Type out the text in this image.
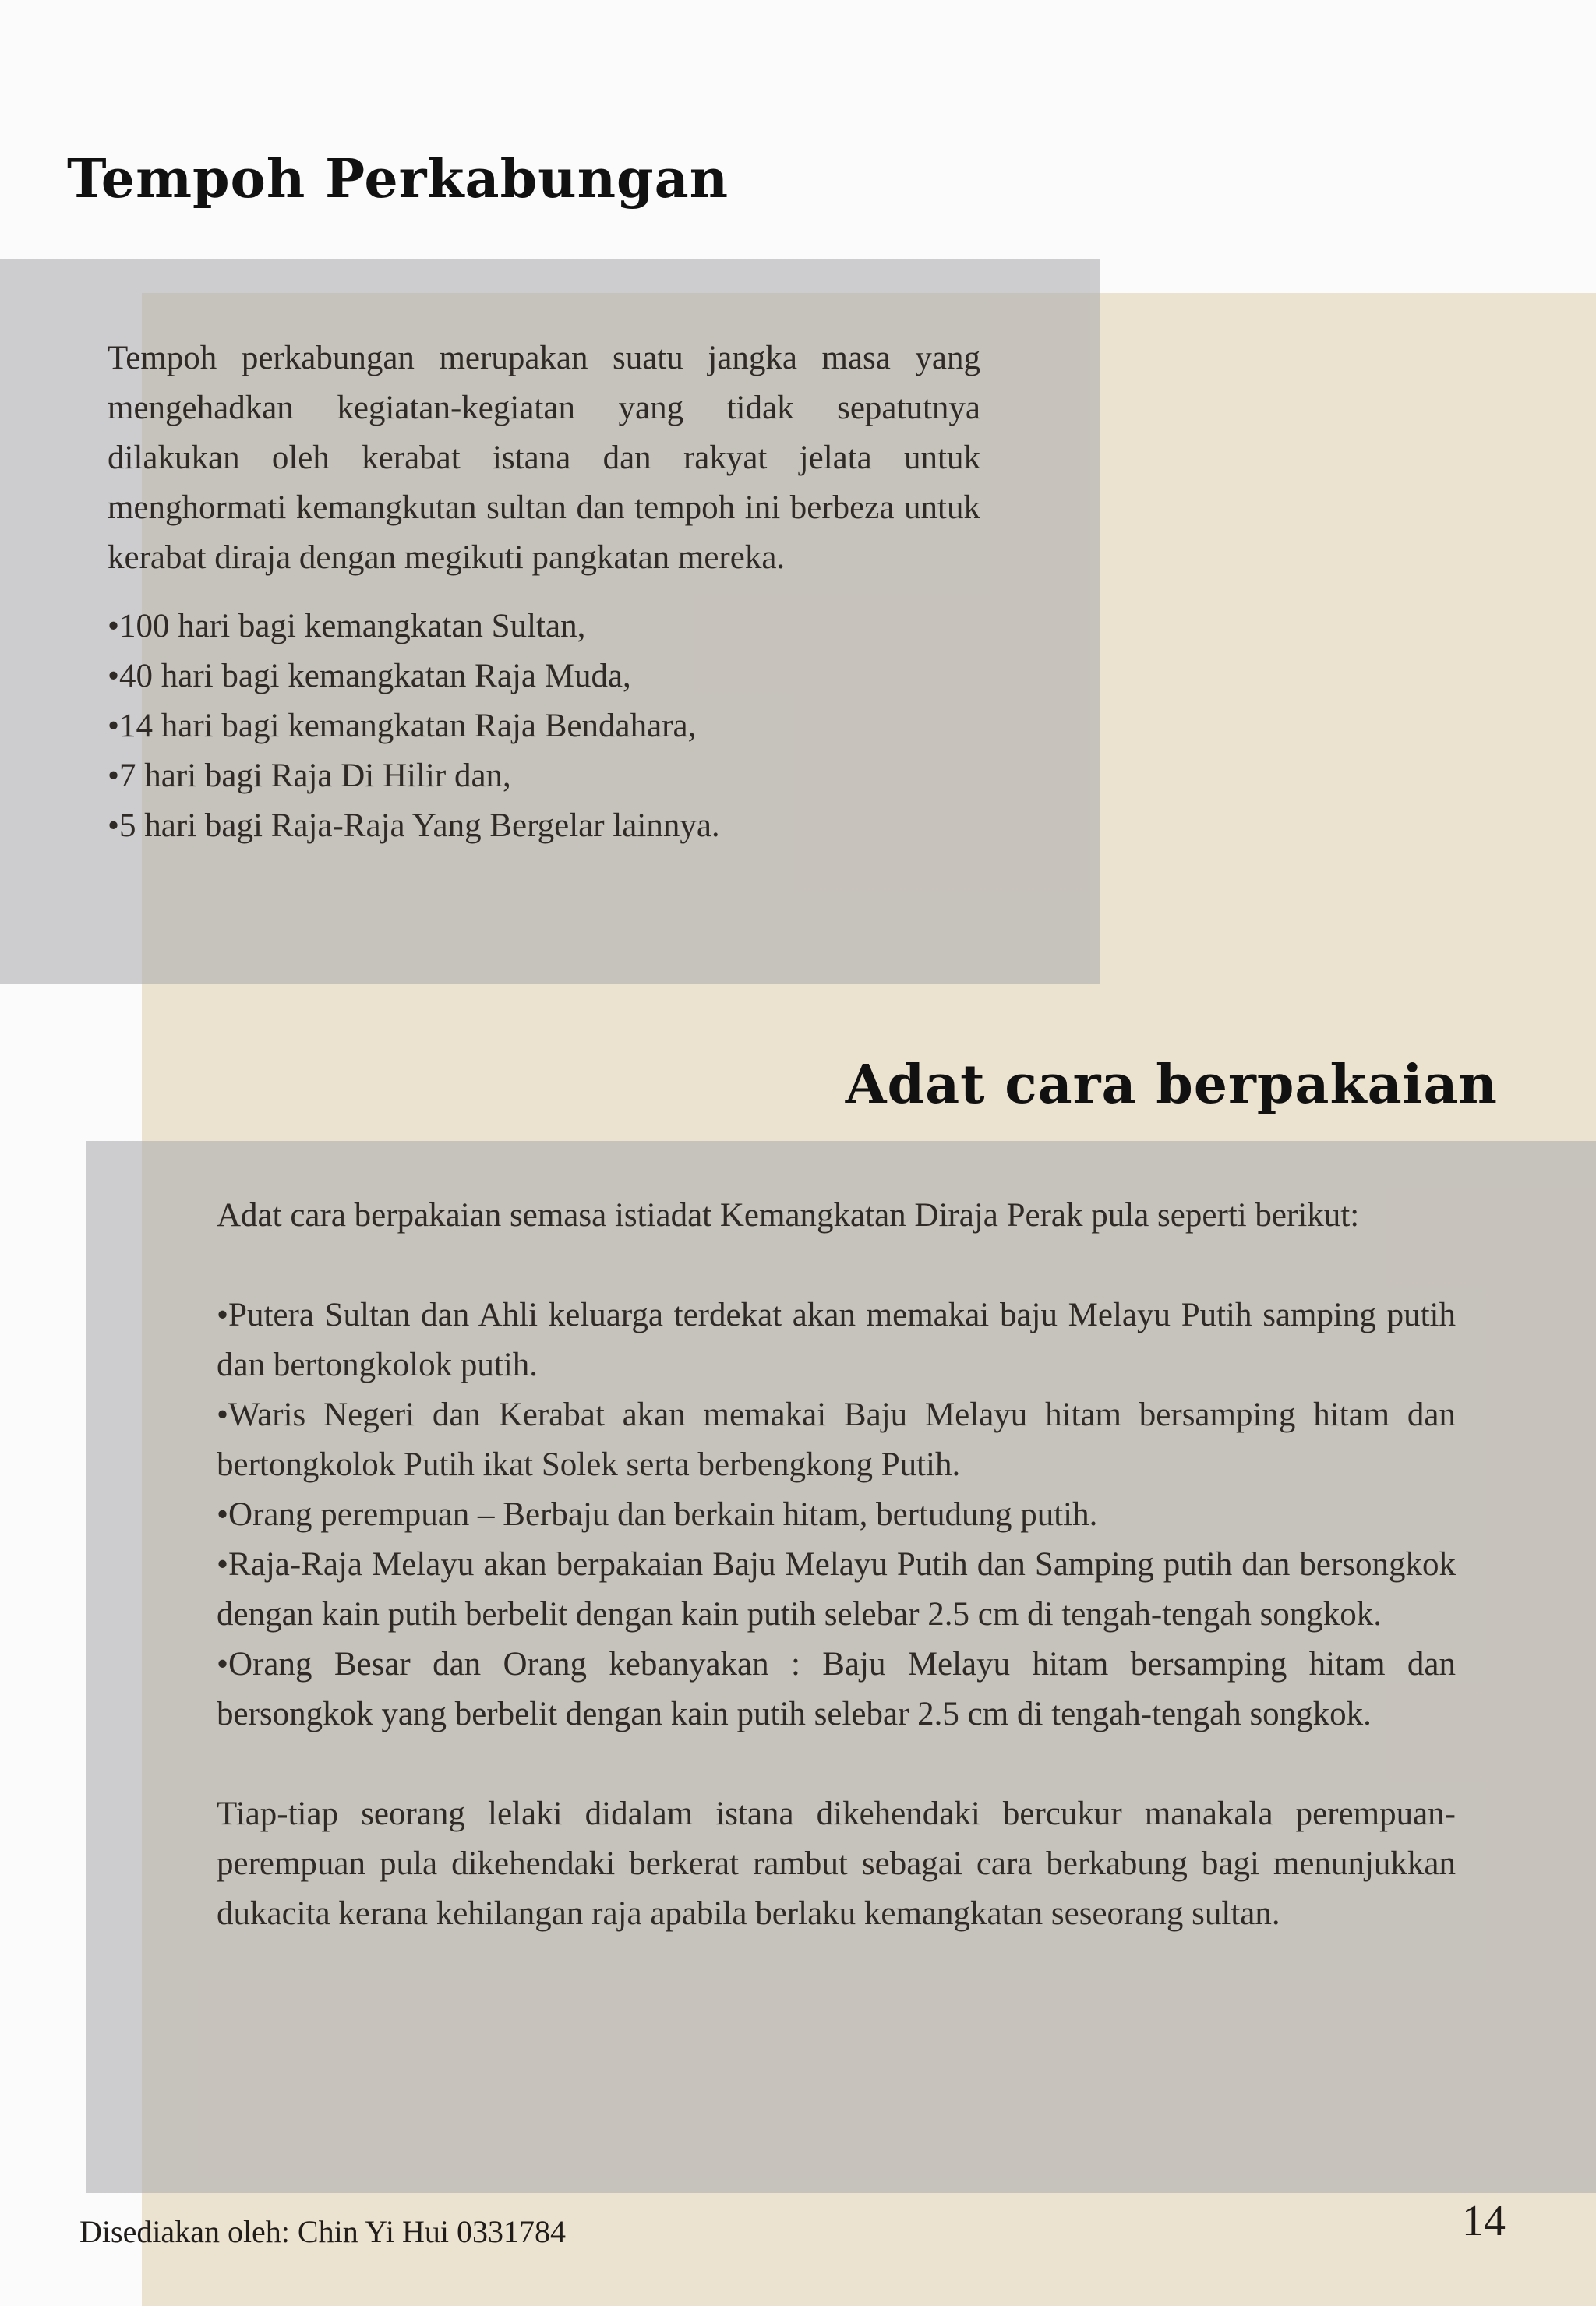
Tempoh Perkabungan

Tempoh perkabungan merupakan suatu jangka masa yang mengehadkan kegiatan-kegiatan yang tidak sepatutnya dilakukan oleh kerabat istana dan rakyat jelata untuk menghormati kemangkutan sultan dan tempoh ini berbeza untuk kerabat diraja dengan megikuti pangkatan mereka.

•100 hari bagi kemangkatan Sultan,
•40 hari bagi kemangkatan Raja Muda,
•14 hari bagi kemangkatan Raja Bendahara,
•7 hari bagi Raja Di Hilir dan,
•5 hari bagi Raja-Raja Yang Bergelar lainnya.
Adat cara berpakaian

Adat cara berpakaian semasa istiadat Kemangkatan Diraja Perak pula seperti berikut:

•Putera Sultan dan Ahli keluarga terdekat akan memakai baju Melayu Putih samping putih dan bertongkolok putih.
•Waris Negeri dan Kerabat akan memakai Baju Melayu hitam bersamping hitam dan bertongkolok Putih ikat Solek serta berbengkong Putih.
•Orang perempuan – Berbaju dan berkain hitam, bertudung putih.
•Raja-Raja Melayu akan berpakaian Baju Melayu Putih dan Samping putih dan bersongkok dengan kain putih berbelit dengan kain putih selebar 2.5 cm di tengah-tengah songkok.
•Orang Besar dan Orang kebanyakan : Baju Melayu hitam bersamping hitam dan bersongkok yang berbelit dengan kain putih selebar 2.5 cm di tengah-tengah songkok.

Tiap-tiap seorang lelaki didalam istana dikehendaki bercukur manakala perempuan-perempuan pula dikehendaki berkerat rambut sebagai cara berkabung bagi menunjukkan dukacita kerana kehilangan raja apabila berlaku kemangkatan seseorang sultan.

Disediakan oleh: Chin Yi Hui 0331784	14
